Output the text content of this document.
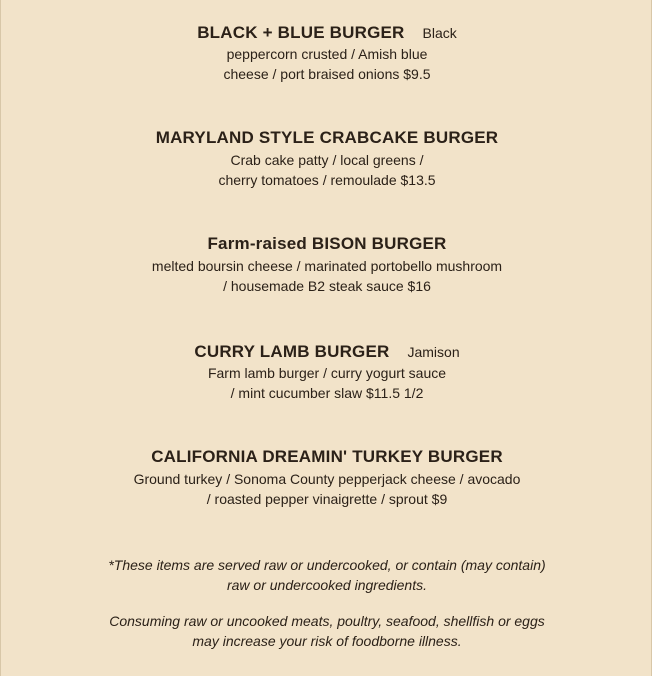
BLACK + BLUE BURGER Black
peppercorn crusted / Amish blue
cheese / port braised onions $9.5
MARYLAND STYLE CRABCAKE BURGER
Crab cake patty / local greens /
cherry tomatoes / remoulade $13.5
Farm-raised BISON BURGER
melted boursin cheese / marinated portobello mushroom
/ housemade B2 steak sauce $16
CURRY LAMB BURGER Jamison
Farm lamb burger / curry yogurt sauce
/ mint cucumber slaw $11.5 1/2
CALIFORNIA DREAMIN' TURKEY BURGER
Ground turkey / Sonoma County pepperjack cheese / avocado
/ roasted pepper vinaigrette / sprout $9
*These items are served raw or undercooked, or contain (may contain)
raw or undercooked ingredients.
Consuming raw or uncooked meats, poultry, seafood, shellfish or eggs
may increase your risk of foodborne illness.
